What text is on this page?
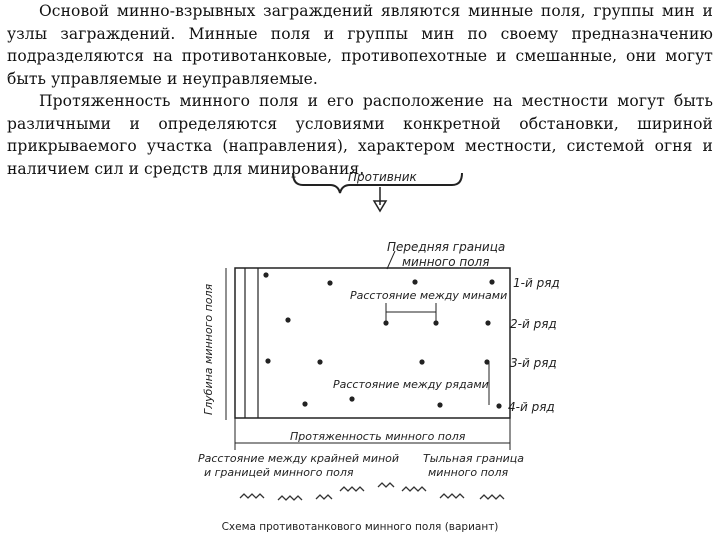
Основой минно-взрывных заграждений являются минные поля, группы мин и узлы заграждений. Минные поля и группы мин по своему предназначению подразделяются на противотанковые, противопехотные и смешанные, они могут быть управляемые и неуправляемые.

Протяженность минного поля и его расположение на местности могут быть различными и определяются условиями конкретной обстановки, шириной прикрываемого участка (направления), характером местности, системой огня и наличием сил и средств для минирования.

Противник
Передняя граница
минного поля
Глубина минного поля	Расстояние между минами
Расстояние между рядами
1-й ряд
2-й ряд
3-й ряд
4-й ряд
Протяженность минного поля
Расстояние между крайней миной
и границей минного поля
Тыльная граница
минного поля
Схема противотанкового минного поля (вариант)
